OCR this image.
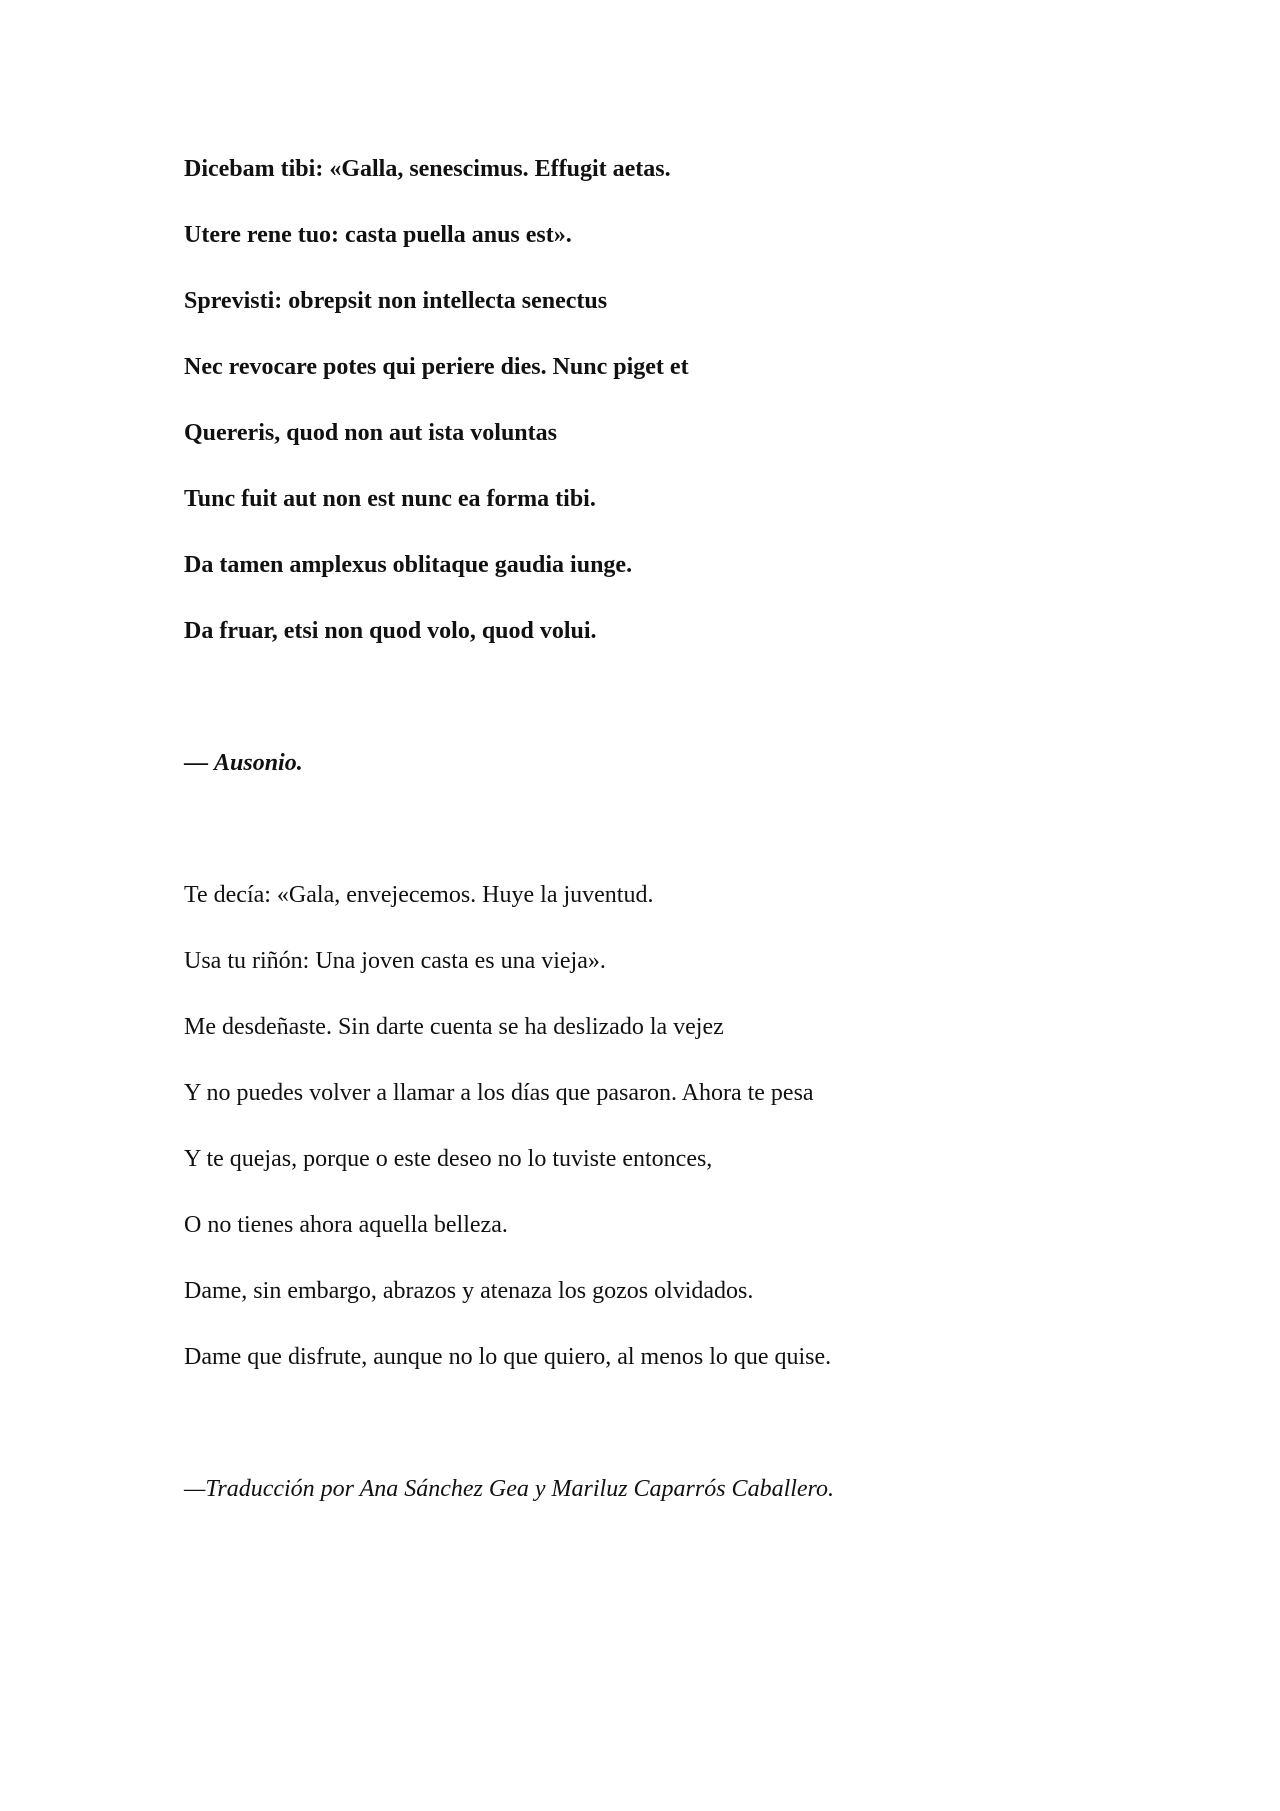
Dicebam tibi: «Galla, senescimus. Effugit aetas.

Utere rene tuo: casta puella anus est».

Sprevisti: obrepsit non intellecta senectus

Nec revocare potes qui periere dies. Nunc piget et

Quereris, quod non aut ista voluntas

Tunc fuit aut non est nunc ea forma tibi.

Da tamen amplexus oblitaque gaudia iunge.

Da fruar, etsi non quod volo, quod volui.

— Ausonio.

Te decía: «Gala, envejecemos. Huye la juventud.

Usa tu riñón: Una joven casta es una vieja».

Me desdeñaste. Sin darte cuenta se ha deslizado la vejez

Y no puedes volver a llamar a los días que pasaron. Ahora te pesa

Y te quejas, porque o este deseo no lo tuviste entonces,

O no tienes ahora aquella belleza.

Dame, sin embargo, abrazos y atenaza los gozos olvidados.

Dame que disfrute, aunque no lo que quiero, al menos lo que quise.

—Traducción por Ana Sánchez Gea y Mariluz Caparrós Caballero.
